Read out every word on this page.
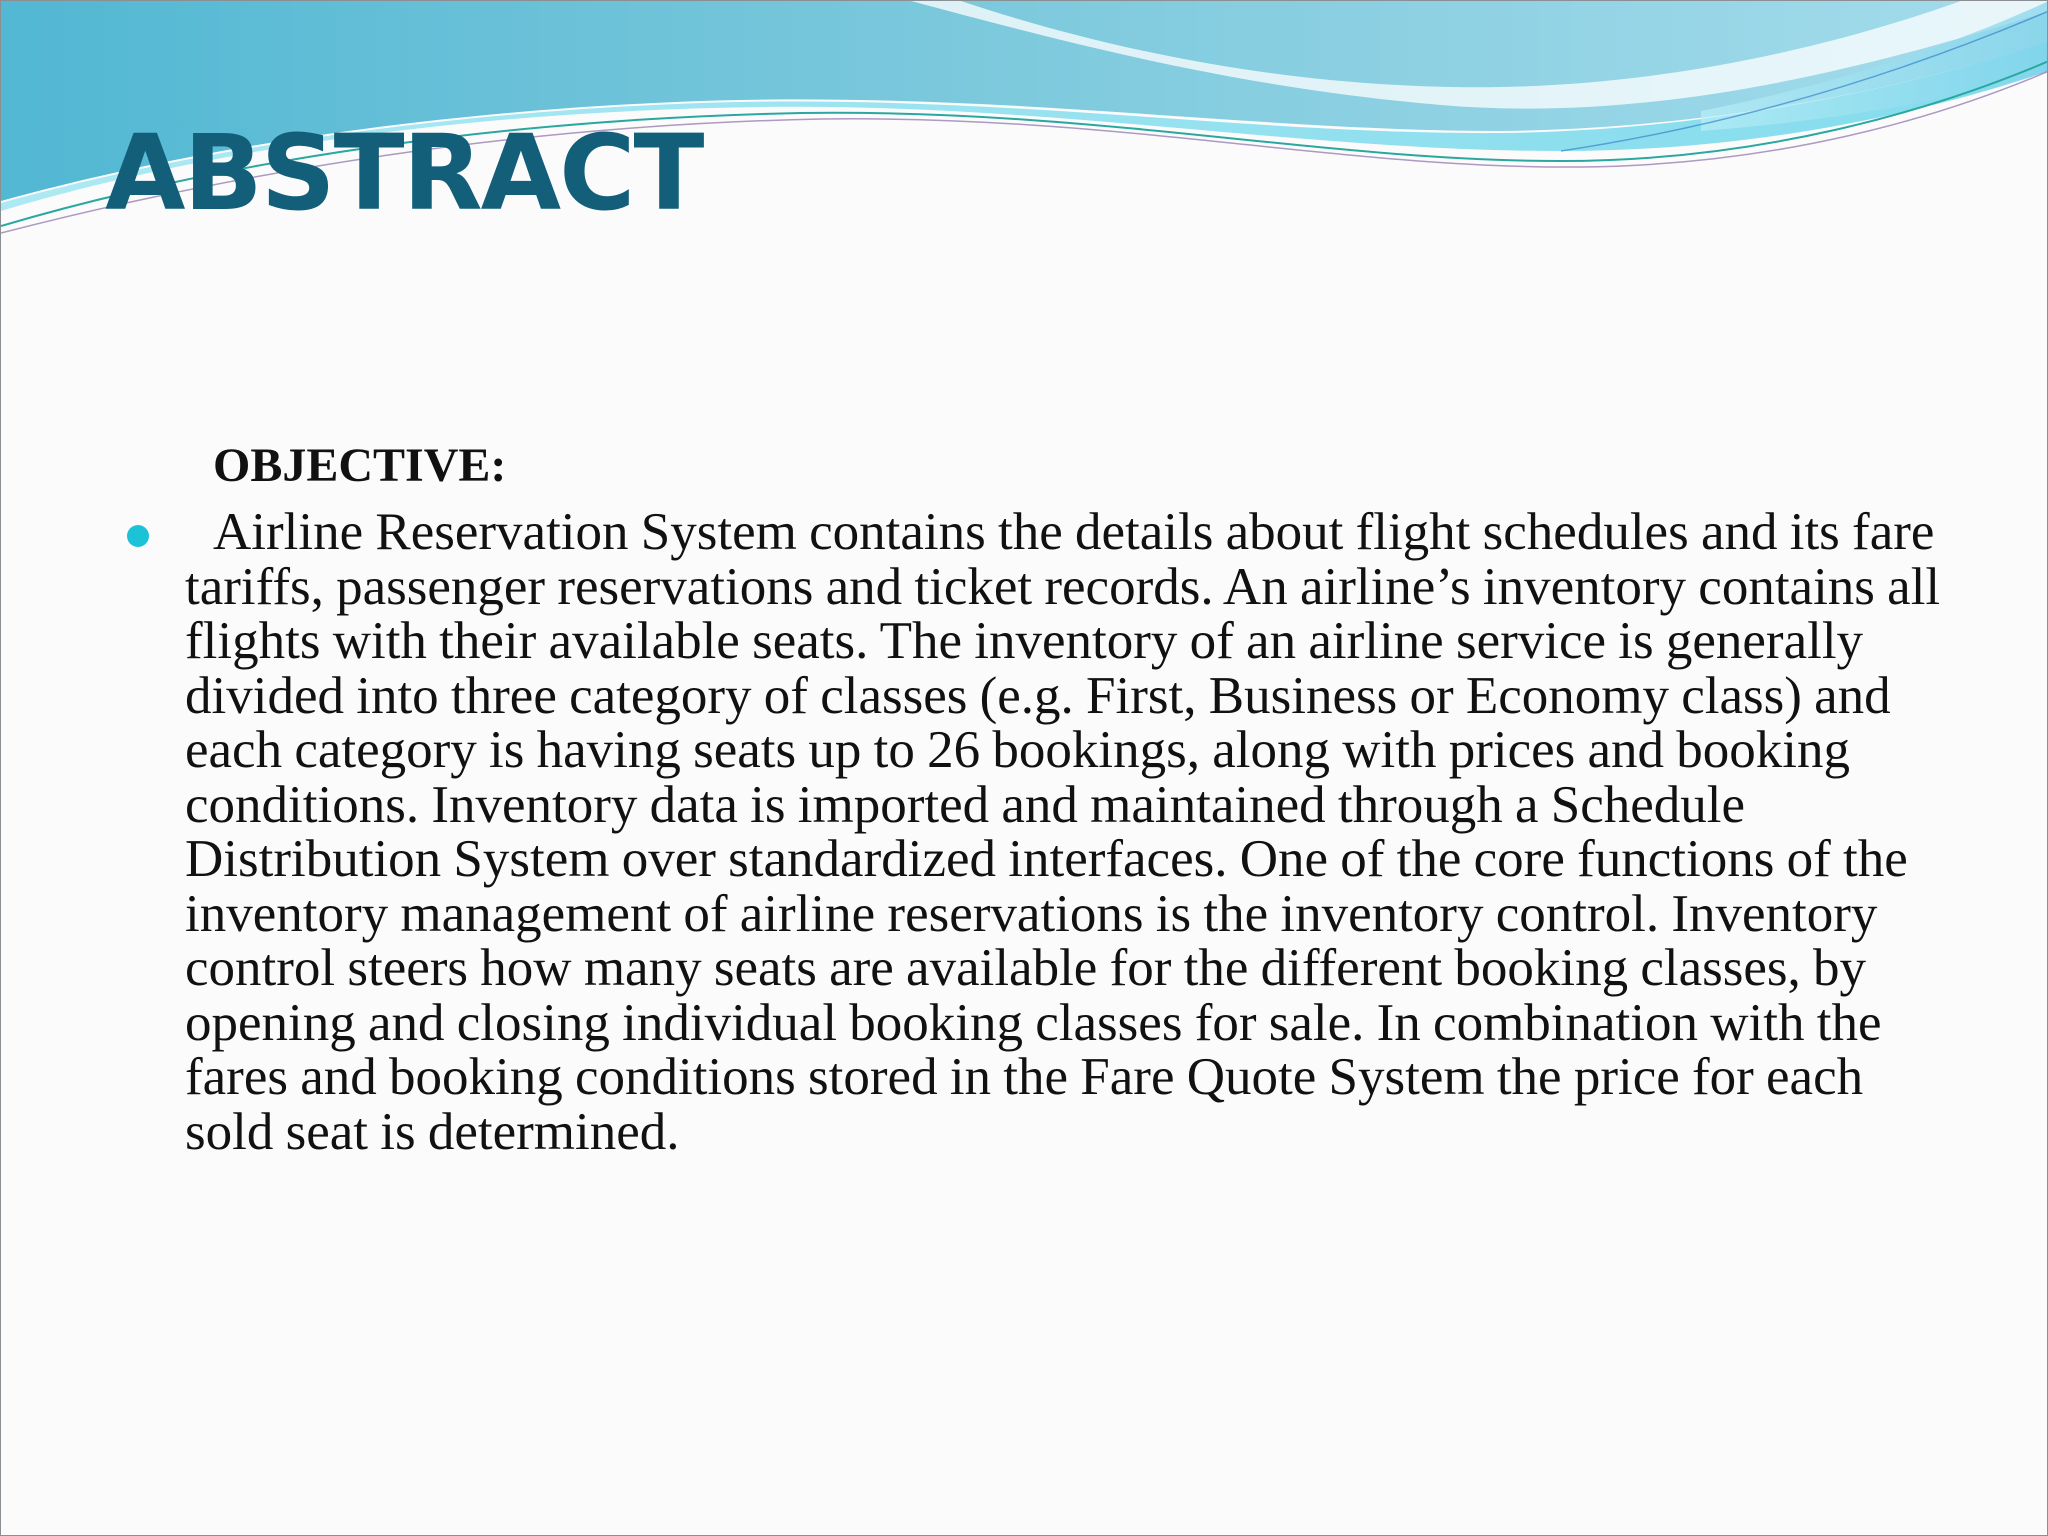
ABSTRACT
OBJECTIVE:

Airline Reservation System contains the details about flight schedules and its fare tariffs, passenger reservations and ticket records. An airline’s inventory contains all flights with their available seats. The inventory of an airline service is generally divided into three category of classes (e.g. First, Business or Economy class) and each category is having seats up to 26 bookings, along with prices and booking conditions. Inventory data is imported and maintained through a Schedule Distribution System over standardized interfaces. One of the core functions of the inventory management of airline reservations is the inventory control. Inventory control steers how many seats are available for the different booking classes, by opening and closing individual booking classes for sale. In combination with the fares and booking conditions stored in the Fare Quote System the price for each sold seat is determined.
